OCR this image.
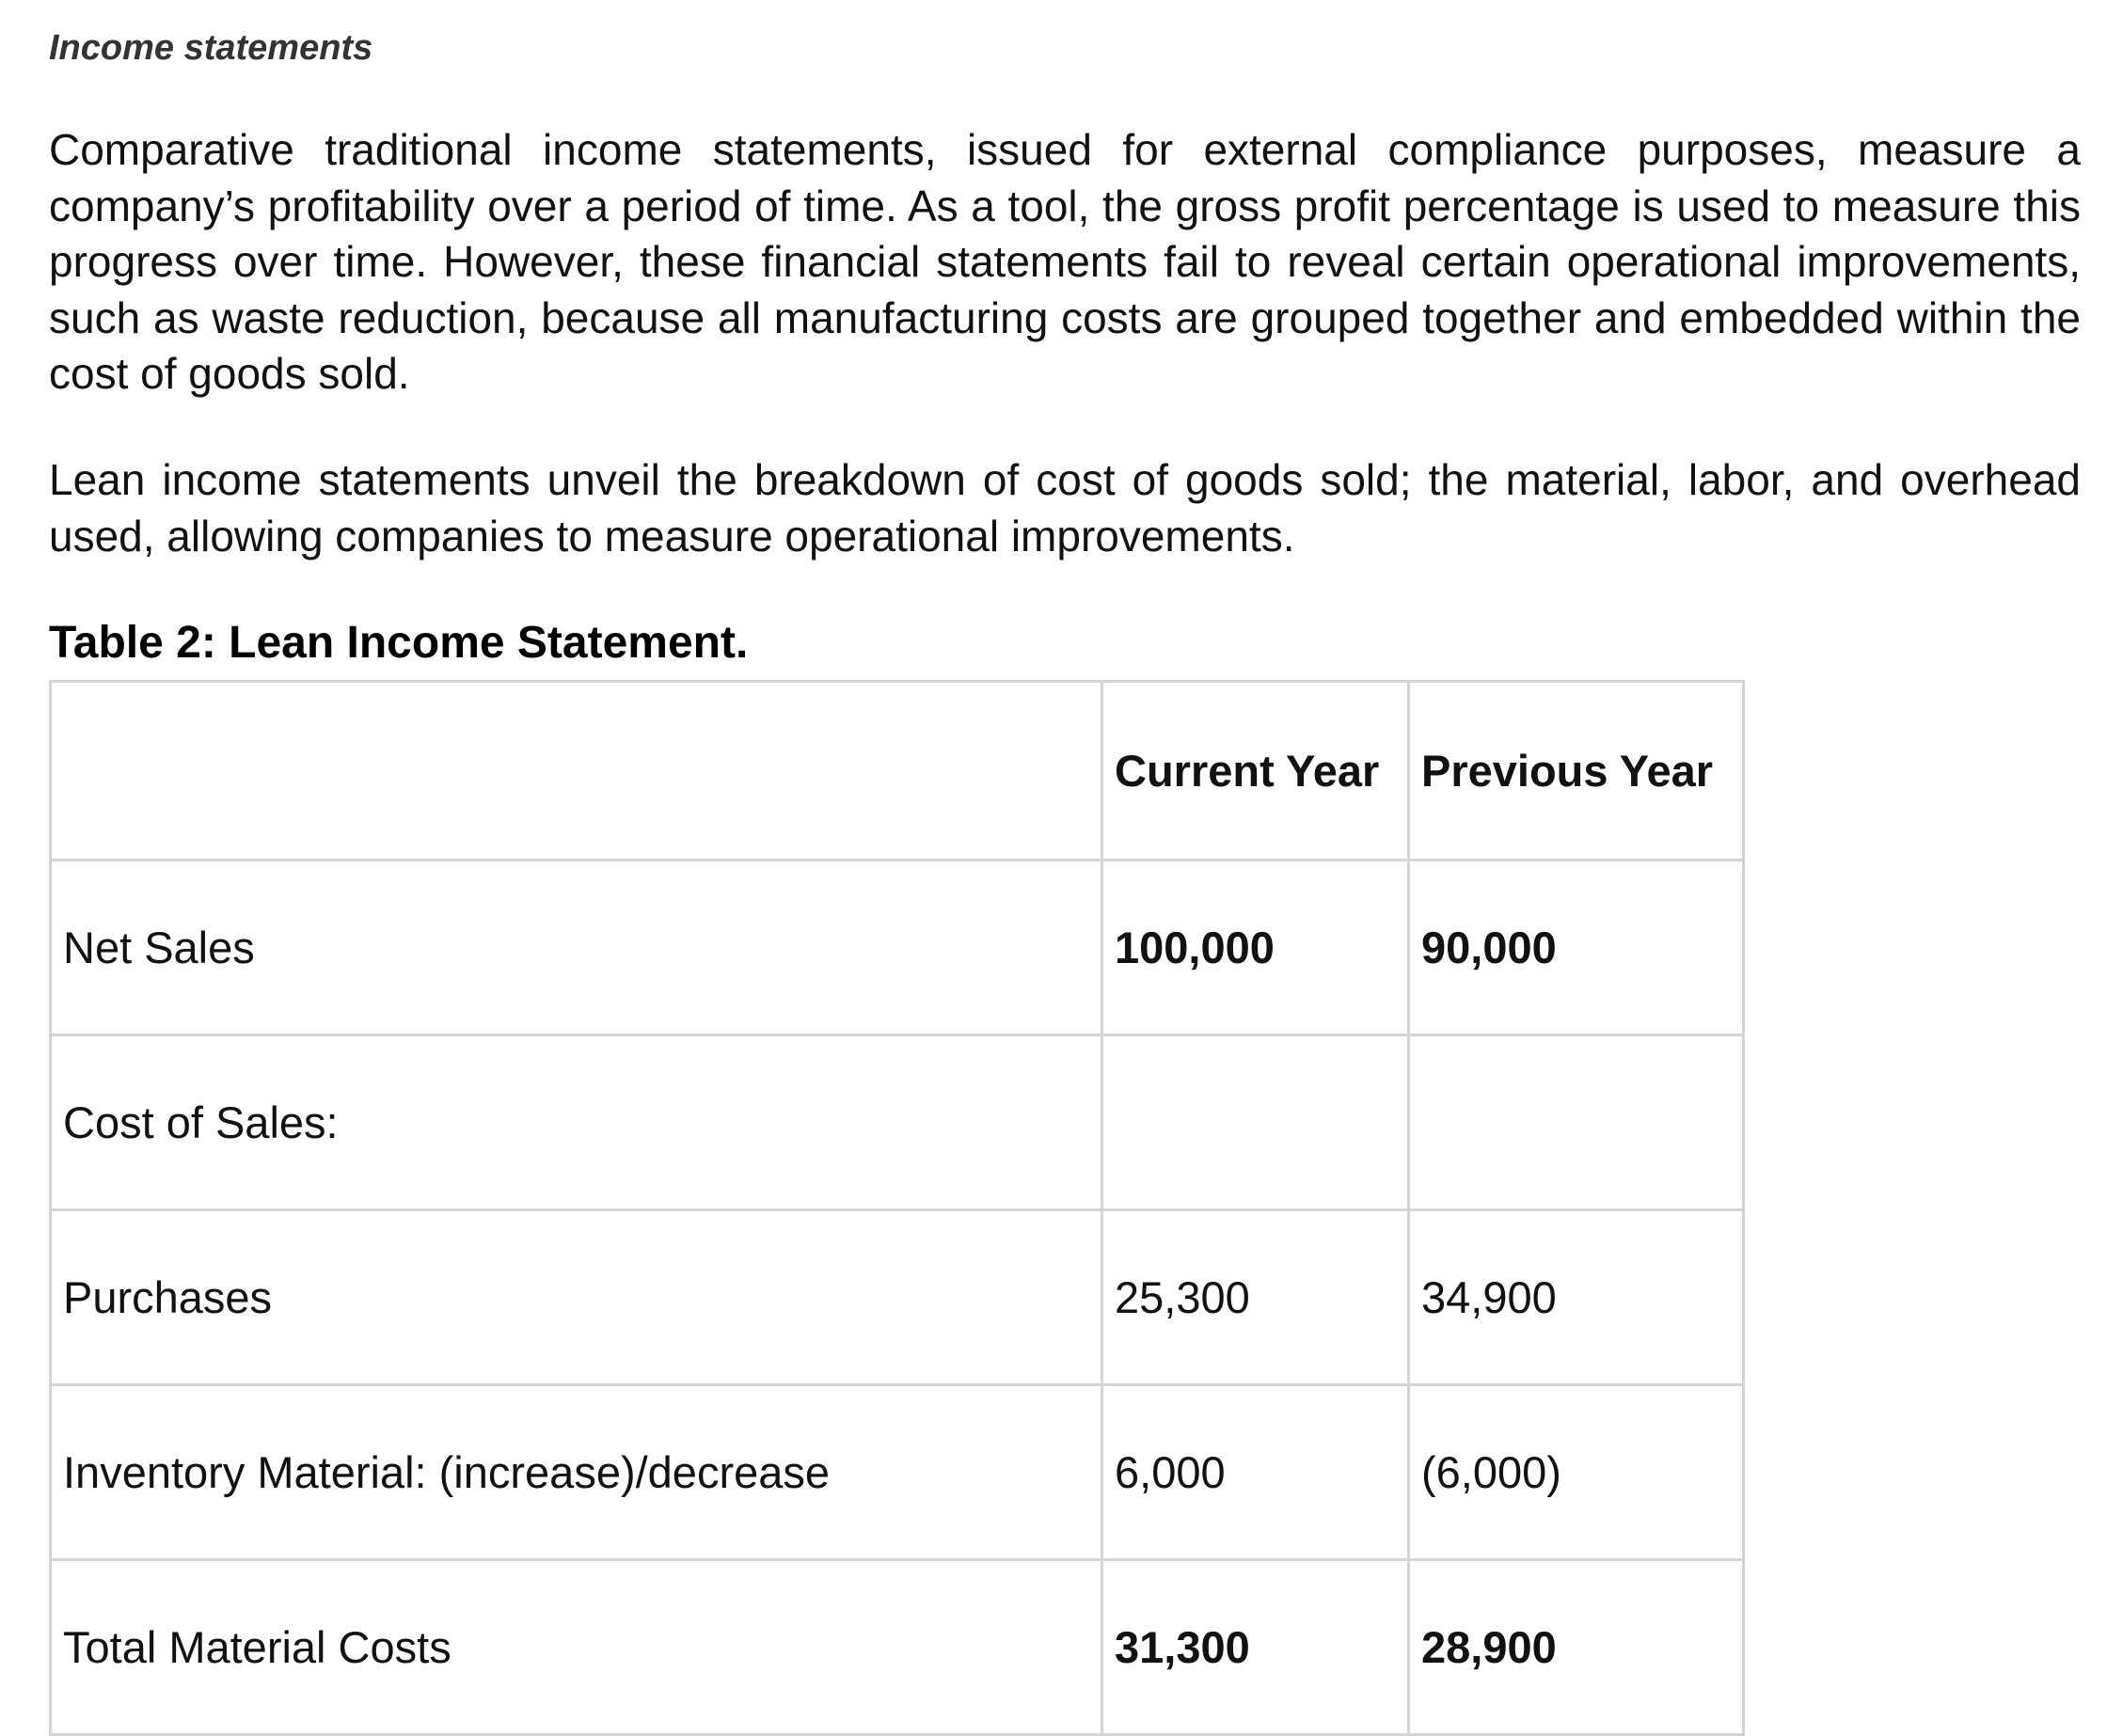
Income statements

Comparative traditional income statements, issued for external compliance purposes, measure a company’s profitability over a period of time. As a tool, the gross profit percentage is used to measure this progress over time. However, these financial statements fail to reveal certain operational improvements, such as waste reduction, because all manufacturing costs are grouped together and embedded within the cost of goods sold.

Lean income statements unveil the breakdown of cost of goods sold; the material, labor, and overhead used, allowing companies to measure operational improvements.

Table 2: Lean Income Statement.
	Current Year	Previous Year
Net Sales	100,000	90,000
Cost of Sales:		
Purchases	25,300	34,900
Inventory Material: (increase)/decrease	6,000	(6,000)
Total Material Costs	31,300	28,900
